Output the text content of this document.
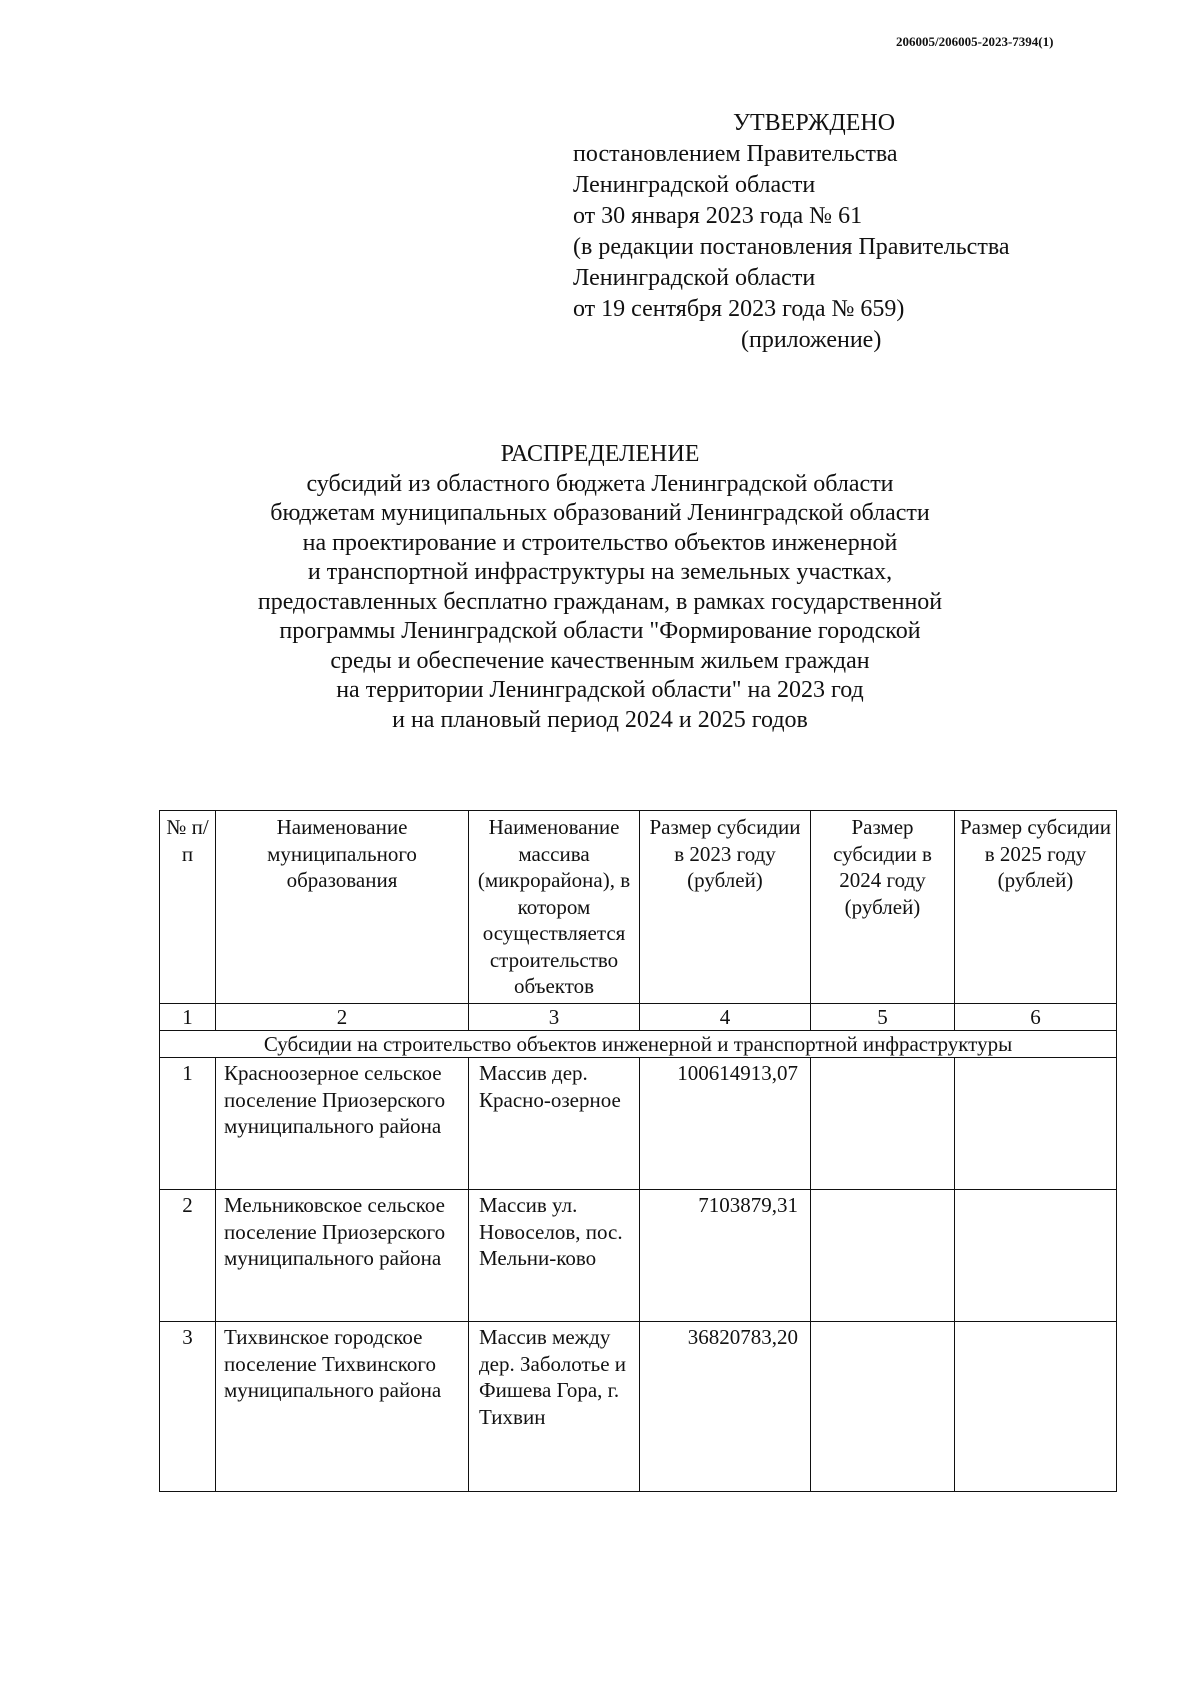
206005/206005-2023-7394(1)
УТВЕРЖДЕНО
постановлением Правительства
Ленинградской области
от 30 января 2023 года № 61
(в редакции постановления Правительства
Ленинградской области
от 19 сентября 2023 года № 659)
(приложение)
РАСПРЕДЕЛЕНИЕ
субсидий из областного бюджета Ленинградской области
бюджетам муниципальных образований Ленинградской области
на проектирование и строительство объектов инженерной
и транспортной инфраструктуры на земельных участках,
предоставленных бесплатно гражданам, в рамках государственной
программы Ленинградской области "Формирование городской
среды и обеспечение качественным жильем граждан
на территории Ленинградской области" на 2023 год
и на плановый период 2024 и 2025 годов
№ п/п	Наименование муниципального образования	Наименование массива (микрорайона), в котором осуществляется строительство объектов	Размер субсидии в 2023 году (рублей)	Размер субсидии в 2024 году (рублей)	Размер субсидии в 2025 году (рублей)
1	2	3	4	5	6
Субсидии на строительство объектов инженерной и транспортной инфраструктуры					
1	Красноозерное сельское поселение Приозерского муниципального района	Массив дер. Красно-озерное	100614913,07		
2	Мельниковское сельское поселение Приозерского муниципального района	Массив ул. Новоселов, пос. Мельни-ково	7103879,31		
3	Тихвинское городское поселение Тихвинского муниципального района	Массив между дер. Заболотье и Фишева Гора, г. Тихвин	36820783,20		
